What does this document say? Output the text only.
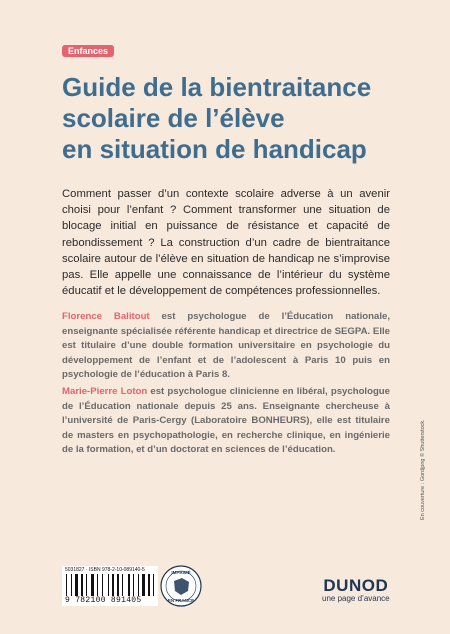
Enfances
Guide de la bientraitance
scolaire de l’élève
en situation de handicap

Comment passer d’un contexte scolaire adverse à un avenir choisi pour l’enfant ? Comment transformer une situation de blocage initial en puissance de résistance et capacité de rebondissement ? La construction d’un cadre de bientraitance scolaire autour de l’élève en situation de handicap ne s’improvise pas. Elle appelle une connaissance de l’intérieur du système éducatif et le développement de compétences professionnelles.

Florence Balitout est psychologue de l’Éducation nationale, enseignante spécialisée référente handicap et directrice de SEGPA. Elle est titulaire d’une double formation universitaire en psychologie du développement de l’enfant et de l’adolescent à Paris 10 puis en psychologie de l’éducation à Paris 8.

Marie-Pierre Loton est psychologue clinicienne en libéral, psychologue de l’Éducation nationale depuis 25 ans. Enseignante chercheuse à l’université de Paris-Cergy (Laboratoire BONHEURS), elle est titulaire de masters en psychopathologie, en recherche clinique, en ingénierie de la formation, et d’un doctorat en sciences de l’éducation.	En couverture : Gordjpng © Shutterstock.
5031827 · ISBN 978-2-10-089140-5
9 782100 891405
IMPRIMÉ
EN FRANCE
DUNOD
une page d’avance
